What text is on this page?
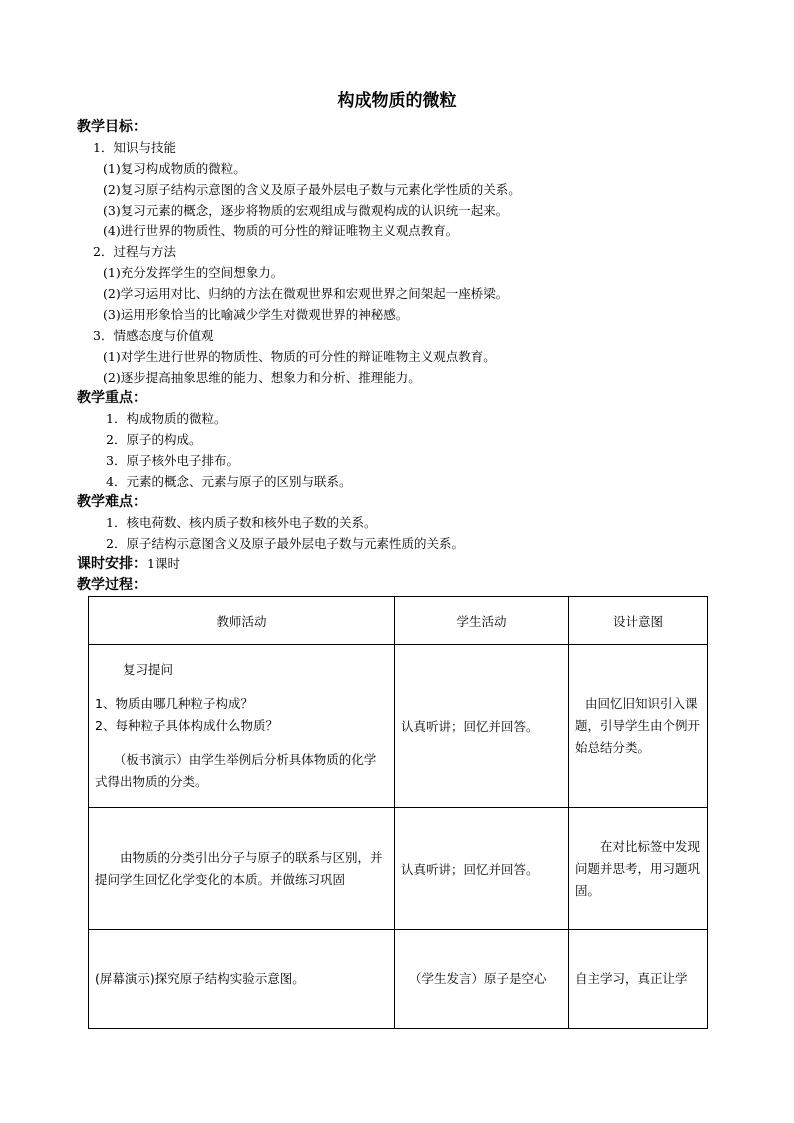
构成物质的微粒
教学目标：
1．知识与技能
(1)复习构成物质的微粒。
(2)复习原子结构示意图的含义及原子最外层电子数与元素化学性质的关系。
(3)复习元素的概念，逐步将物质的宏观组成与微观构成的认识统一起来。
(4)进行世界的物质性、物质的可分性的辩证唯物主义观点教育。
2．过程与方法
(1)充分发挥学生的空间想象力。
(2)学习运用对比、归纳的方法在微观世界和宏观世界之间架起一座桥梁。
(3)运用形象恰当的比喻减少学生对微观世界的神秘感。
3．情感态度与价值观
(1)对学生进行世界的物质性、物质的可分性的辩证唯物主义观点教育。
(2)逐步提高抽象思维的能力、想象力和分析、推理能力。
教学重点：
1．构成物质的微粒。
2．原子的构成。
3．原子核外电子排布。
4．元素的概念、元素与原子的区别与联系。
教学难点：
1．核电荷数、核内质子数和核外电子数的关系。
2．原子结构示意图含义及原子最外层电子数与元素性质的关系。
课时安排：1课时
教学过程：
教师活动	学生活动	设计意图

复习提问

1、物质由哪几种粒子构成？

2、每种粒子具体构成什么物质？

（板书演示）由学生举例后分析具体物质的化学式得出物质的分类。	认真听讲；回忆并回答。	由回忆旧知识引入课题，引导学生由个例开始总结分类。

由物质的分类引出分子与原子的联系与区别，并提问学生回忆化学变化的本质。并做练习巩固	认真听讲；回忆并回答。	在对比标签中发现问题并思考，用习题巩固。

(屏幕演示)探究原子结构实验示意图。	（学生发言）原子是空心	自主学习，真正让学
